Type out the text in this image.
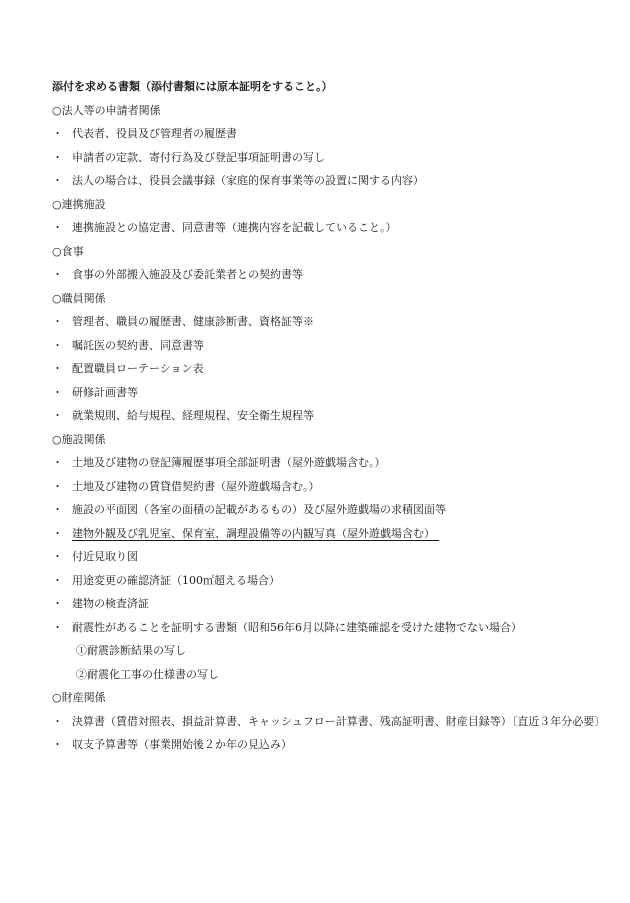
添付を求める書類（添付書類には原本証明をすること。）
○法人等の申請者関係
・ 代表者、役員及び管理者の履歴書
・ 申請者の定款、寄付行為及び登記事項証明書の写し
・ 法人の場合は、役員会議事録（家庭的保育事業等の設置に関する内容）
○連携施設
・ 連携施設との協定書、同意書等（連携内容を記載していること。）
○食事
・ 食事の外部搬入施設及び委託業者との契約書等
○職員関係
・ 管理者、職員の履歴書、健康診断書、資格証等※
・ 嘱託医の契約書、同意書等
・ 配置職員ローテーション表
・ 研修計画書等
・ 就業規則、給与規程、経理規程、安全衛生規程等
○施設関係
・ 土地及び建物の登記簿履歴事項全部証明書（屋外遊戯場含む。）
・ 土地及び建物の賃貸借契約書（屋外遊戯場含む。）
・ 施設の平面図（各室の面積の記載があるもの）及び屋外遊戯場の求積図面等
・ 建物外観及び乳児室、保育室、調理設備等の内観写真（屋外遊戯場含む）
・ 付近見取り図
・ 用途変更の確認済証（100㎡超える場合）
・ 建物の検査済証
・ 耐震性があることを証明する書類（昭和56年6月以降に建築確認を受けた建物でない場合）
①耐震診断結果の写し
②耐震化工事の仕様書の写し
○財産関係
・ 決算書（賃借対照表、損益計算書、キャッシュフロー計算書、残高証明書、財産目録等）〔直近３年分必要〕
・ 収支予算書等（事業開始後２か年の見込み）
